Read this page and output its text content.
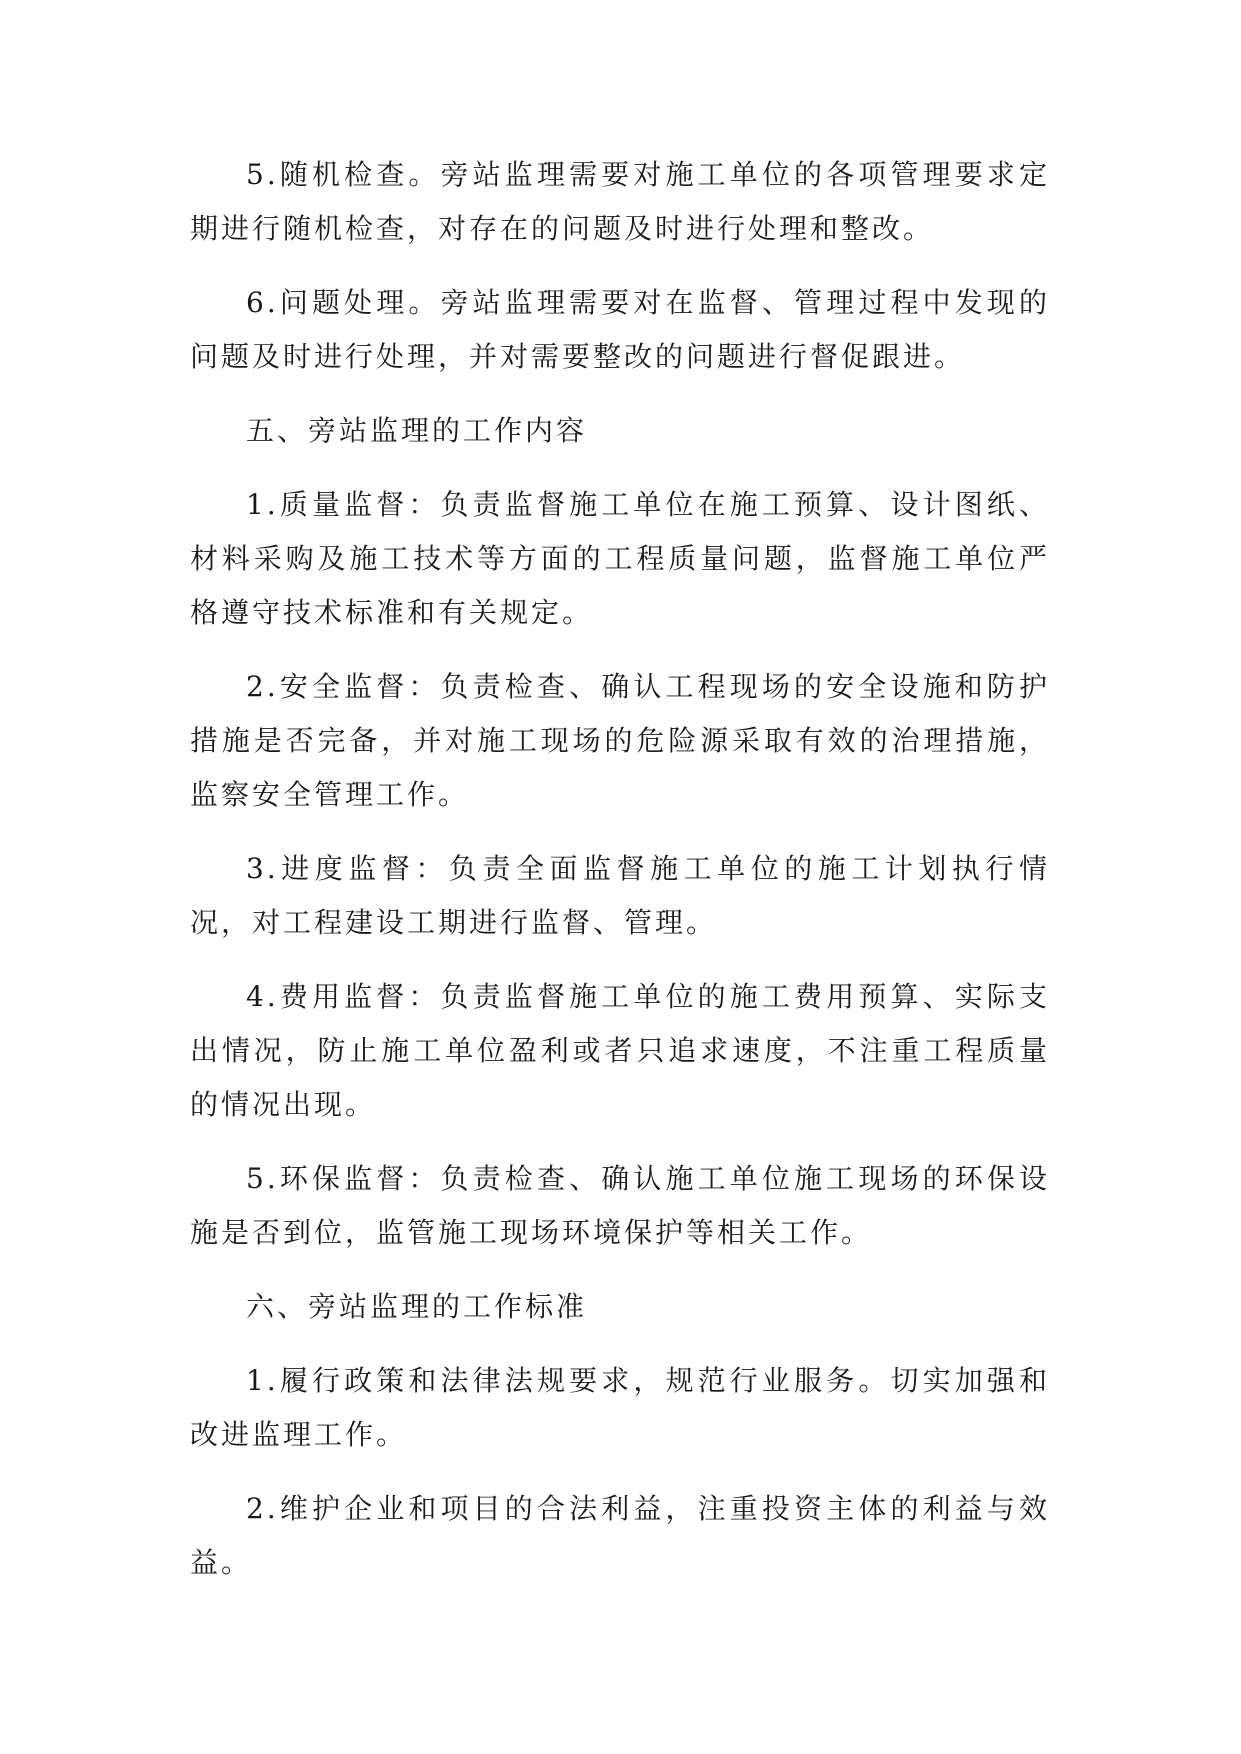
5.随机检查。旁站监理需要对施工单位的各项管理要求定期进行随机检查，对存在的问题及时进行处理和整改。

6.问题处理。旁站监理需要对在监督、管理过程中发现的问题及时进行处理，并对需要整改的问题进行督促跟进。

五、旁站监理的工作内容

1.质量监督：负责监督施工单位在施工预算、设计图纸、材料采购及施工技术等方面的工程质量问题，监督施工单位严格遵守技术标准和有关规定。

2.安全监督：负责检查、确认工程现场的安全设施和防护措施是否完备，并对施工现场的危险源采取有效的治理措施，监察安全管理工作。

3.进度监督：负责全面监督施工单位的施工计划执行情况，对工程建设工期进行监督、管理。

4.费用监督：负责监督施工单位的施工费用预算、实际支出情况，防止施工单位盈利或者只追求速度，不注重工程质量的情况出现。

5.环保监督：负责检查、确认施工单位施工现场的环保设施是否到位，监管施工现场环境保护等相关工作。

六、旁站监理的工作标准

1.履行政策和法律法规要求，规范行业服务。切实加强和改进监理工作。

2.维护企业和项目的合法利益，注重投资主体的利益与效益。
